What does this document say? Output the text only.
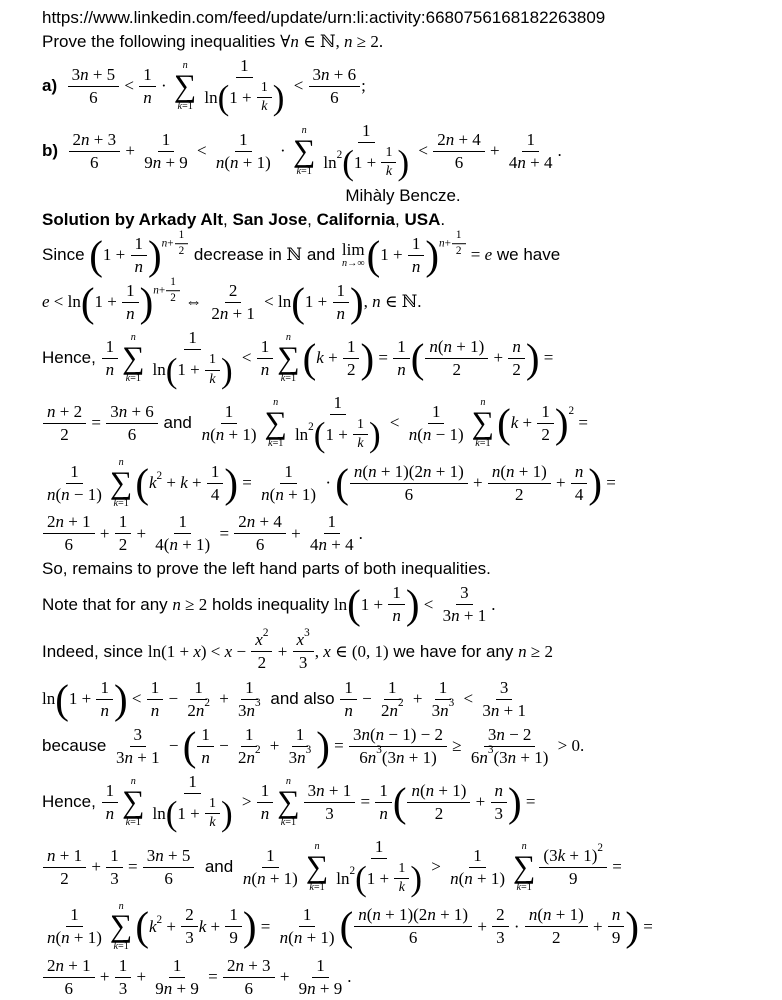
https://www.linkedin.com/feed/update/urn:li:activity:6680756168182263809
Prove the following inequalities ∀n ∈ ℕ, n ≥ 2.
$a) \frac{3n + 5}{6} < \frac{1}{n}$ ·
n
∑
$k=1 \frac{1}{\ln ( 1 + \frac{1}{k} )} < \frac{3n + 6}{6}$ ;
$b) \frac{2n + 3}{6} + \frac{1}{9n + 9} < \frac{1}{n(n + 1)}$ ·
n
∑
$k=1 \frac{1}{\ln 2 ( 1 + \frac{1}{k} )} < \frac{2n + 4}{6} + \frac{1}{4n + 4}$ .
Mihàly Bencze.
Solution by Arkady Alt , San Jose , California , USA .
Since ( $1 + \frac{1}{n}$ ) $n+ \frac{1}{2}$ decrease in ℕ and lim
n→∞ ( $1 + \frac{1}{n}$ ) $n+ \frac{1}{2} = e$ we have
e < ln ( $1 + \frac{1}{n}$ ) $n+ \frac{1}{2}$ ⇔ $\frac{2}{2n + 1} < \ln$ ( $1 + \frac{1}{n}$ ) , n ∈ ℕ.
Hence, $\frac{1}{n}$ n
∑
$k=1 \frac{1}{\ln ( 1 + \frac{1}{k} )} < \frac{1}{n}$ n
∑
k=1 ( $k + \frac{1}{2}$ ) = $\frac{1}{n}$ ( $\frac{n(n + 1)}{2} + \frac{n}{2}$ ) =
$\frac{n + 2}{2} = \frac{3n + 6}{6}$ and $\frac{1}{n(n + 1)}$ n
∑
$k=1 \frac{1}{\ln 2 ( 1 + \frac{1}{k} )} < \frac{1}{n(n - 1)}$ n
∑
k=1 ( $k + \frac{1}{2}$ ) 2
=
$\frac{1}{n(n - 1)}$ n
∑
k=1 ( k $2 + k + \frac{1}{4}$ ) = $\frac{1}{n(n + 1)}$ · ( $\frac{n(n + 1)(2n + 1)}{6} + \frac{n(n + 1)}{2} + \frac{n}{4}$ ) =
$\frac{2n + 1}{6} + \frac{1}{2} + \frac{1}{4(n + 1)} = \frac{2n + 4}{6} + \frac{1}{4n + 4}$ .
So, remains to prove the left hand parts of both inequalities.
Note that for any n ≥ 2 holds inequality ln ( $1 + \frac{1}{n}$ ) < $\frac{3}{3n + 1}$ .
Indeed, since $\ln(1 + x) < x - \frac{x 2}{2} + \frac{x 3}{3}$ , x ∈ (0, 1) we have for any n ≥ 2
ln ( $1 + \frac{1}{n}$ ) < $\frac{1}{n} - \frac{1}{2n 2} + \frac{1}{3n 3}$ and also $\frac{1}{n} - \frac{1}{2n 2} + \frac{1}{3n 3} < \frac{3}{3n + 1}$
because $\frac{3}{3n + 1}$ − ( $\frac{1}{n} - \frac{1}{2n 2} + \frac{1}{3n 3}$ ) = $\frac{3n(n - 1) - 2}{6n 3 (3n + 1)} \ge \frac{3n - 2}{6n 3 (3n + 1)} > 0$.
Hence, $\frac{1}{n}$ n
∑
$k=1 \frac{1}{\ln ( 1 + \frac{1}{k} )} > \frac{1}{n}$ n
∑
$k=1 \frac{3n + 1}{3} = \frac{1}{n}$ ( $\frac{n(n + 1)}{2} + \frac{n}{3}$ ) =
$\frac{n + 1}{2} + \frac{1}{3} = \frac{3n + 5}{6}$ and $\frac{1}{n(n + 1)}$ n
∑
$k=1 \frac{1}{\ln 2 ( 1 + \frac{1}{k} )} > \frac{1}{n(n + 1)}$ n
∑
$k=1 \frac{(3k + 1) 2}{9}$ =
$\frac{1}{n(n + 1)}$ n
∑
k=1 ( k $2 + \frac{2}{3}$ $k + \frac{1}{9}$ ) = $\frac{1}{n(n + 1)}$ ( $\frac{n(n + 1)(2n + 1)}{6} + \frac{2}{3} \cdot \frac{n(n + 1)}{2} + \frac{n}{9}$ ) =
$\frac{2n + 1}{6} + \frac{1}{3} + \frac{1}{9n + 9} = \frac{2n + 3}{6} + \frac{1}{9n + 9}$ .
